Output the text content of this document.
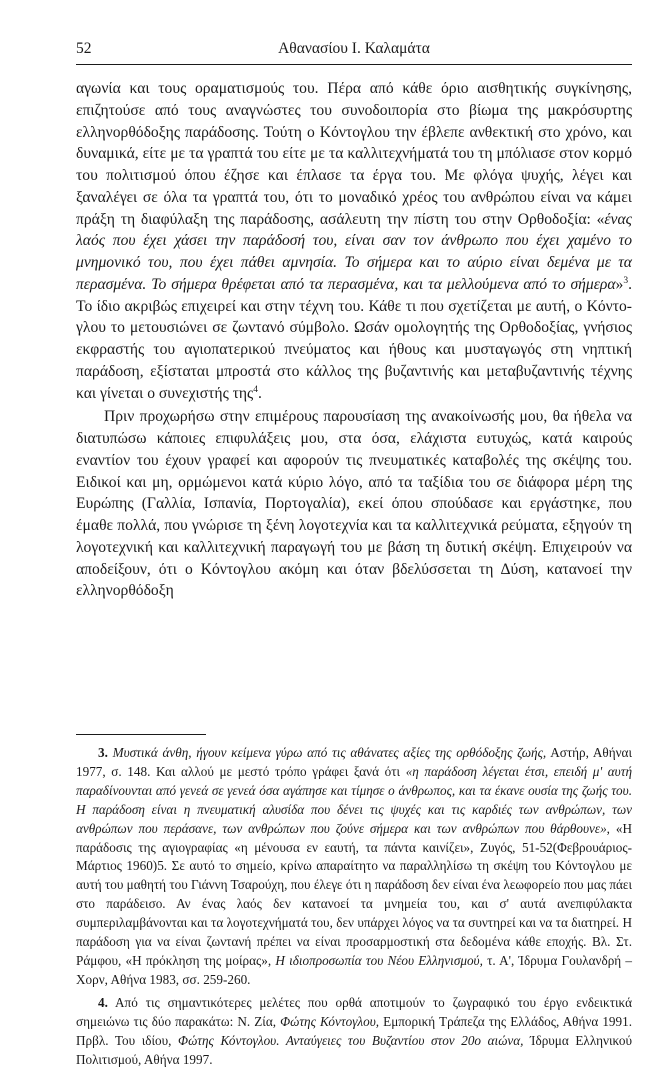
52	Αθανασίου Ι. Καλαμάτα

αγωνία και τους οραματισμούς του. Πέρα από κάθε όριο αισθητικής συγκίνησης, επιζητούσε από τους αναγνώστες του συνοδοιπορία στο βίωμα της μακρόσυρτης ελληνορθόδοξης παράδοσης. Τούτη ο Κόντογλου την έβλεπε ανθεκτική στο χρόνο, και δυναμικά, είτε με τα γραπτά του είτε με τα καλλιτεχνήματά του τη μπόλιασε στον κορμό του πολιτισμού όπου έζησε και έπλασε τα έργα του. Με φλόγα ψυχής, λέγει και ξαναλέγει σε όλα τα γραπτά του, ότι το μοναδικό χρέος του ανθρώπου είναι να κάμει πράξη τη διαφύλαξη της παράδοσης, ασάλευτη την πίστη του στην Ορθοδοξία: «ένας λαός που έχει χάσει την παράδοσή του, είναι σαν τον άνθρωπο που έχει χαμένο το μνημονικό του, που έχει πάθει αμνησία. Το σήμερα και το αύριο είναι δεμένα με τα περασμένα. Το σήμερα θρέφεται από τα περασμένα, και τα μελλούμενα από το σήμερα»$^3$. Το ίδιο ακριβώς επιχειρεί και στην τέχνη του. Κάθε τι που σχετίζεται με αυτή, ο Κόντογλου το μετουσιώνει σε ζωντανό σύμβολο. Ωσάν ομολογητής της Ορθοδοξίας, γνήσιος εκφραστής του αγιοπατερικού πνεύματος και ήθους και μυσταγωγός στη νηπτική παράδοση, εξίσταται μπροστά στο κάλλος της βυζαντινής και μεταβυζαντινής τέχνης και γίνεται ο συνεχιστής της$^4$.

Πριν προχωρήσω στην επιμέρους παρουσίαση της ανακοίνωσής μου, θα ήθελα να διατυπώσω κάποιες επιφυλάξεις μου, στα όσα, ελάχιστα ευτυχώς, κατά καιρούς εναντίον του έχουν γραφεί και αφορούν τις πνευματικές καταβολές της σκέψης του. Ειδικοί και μη, ορμώμενοι κατά κύριο λόγο, από τα ταξίδια του σε διάφορα μέρη της Ευρώπης (Γαλλία, Ισπανία, Πορτογαλία), εκεί όπου σπούδασε και εργάστηκε, που έμαθε πολλά, που γνώρισε τη ξένη λογοτεχνία και τα καλλιτεχνικά ρεύματα, εξηγούν τη λογοτεχνική και καλλιτεχνική παραγωγή του με βάση τη δυτική σκέψη. Επιχειρούν να αποδείξουν, ότι ο Κόντογλου ακόμη και όταν βδελύσσεται τη Δύση, κατανοεί την ελληνορθόδοξη

3. Μυστικά άνθη, ήγουν κείμενα γύρω από τις αθάνατες αξίες της ορθόδοξης ζωής, Αστήρ, Αθήναι 1977, σ. 148. Και αλλού με μεστό τρόπο γράφει ξανά ότι «η παράδοση λέγεται έτσι, επειδή μ' αυτή παραδίνουνται από γενεά σε γενεά όσα αγάπησε και τίμησε ο άνθρωπος, και τα έκανε ουσία της ζωής του. Η παράδοση είναι η πνευματική αλυσίδα που δένει τις ψυχές και τις καρδιές των ανθρώπων, των ανθρώπων που περάσανε, των ανθρώπων που ζούνε σήμερα και των ανθρώπων που θάρθουνε», «Η παράδοσις της αγιογραφίας «η μένουσα εν εαυτή, τα πάντα καινίζει», Ζυγός, 51-52(Φεβρουάριος-Μάρτιος 1960)5. Σε αυτό το σημείο, κρίνω απαραίτητο να παραλληλίσω τη σκέψη του Κόντογλου με αυτή του μαθητή του Γιάννη Τσαρούχη, που έλεγε ότι η παράδοση δεν είναι ένα λεωφορείο που μας πάει στο παράδεισο. Αν ένας λαός δεν κατανοεί τα μνημεία του, και σ' αυτά ανεπιφύλακτα συμπεριλαμβάνονται και τα λογοτεχνήματά του, δεν υπάρχει λόγος να τα συντηρεί και να τα διατηρεί. Η παράδοση για να είναι ζωντανή πρέπει να είναι προσαρμοστική στα δεδομένα κάθε εποχής. Βλ. Στ. Ράμφου, «Η πρόκληση της μοίρας», Η ιδιοπροσωπία του Νέου Ελληνισμού, τ. Α', Ίδρυμα Γουλανδρή – Χορν, Αθήνα 1983, σσ. 259-260.

4. Από τις σημαντικότερες μελέτες που ορθά αποτιμούν το ζωγραφικό του έργο ενδεικτικά σημειώνω τις δύο παρακάτω: Ν. Ζία, Φώτης Κόντογλου, Εμπορική Τράπεζα της Ελλάδος, Αθήνα 1991. Πρβλ. Του ιδίου, Φώτης Κόντογλου. Ανταύγειες του Βυζαντίου στον 20ο αιώνα, Ίδρυμα Ελληνικού Πολιτισμού, Αθήνα 1997.
